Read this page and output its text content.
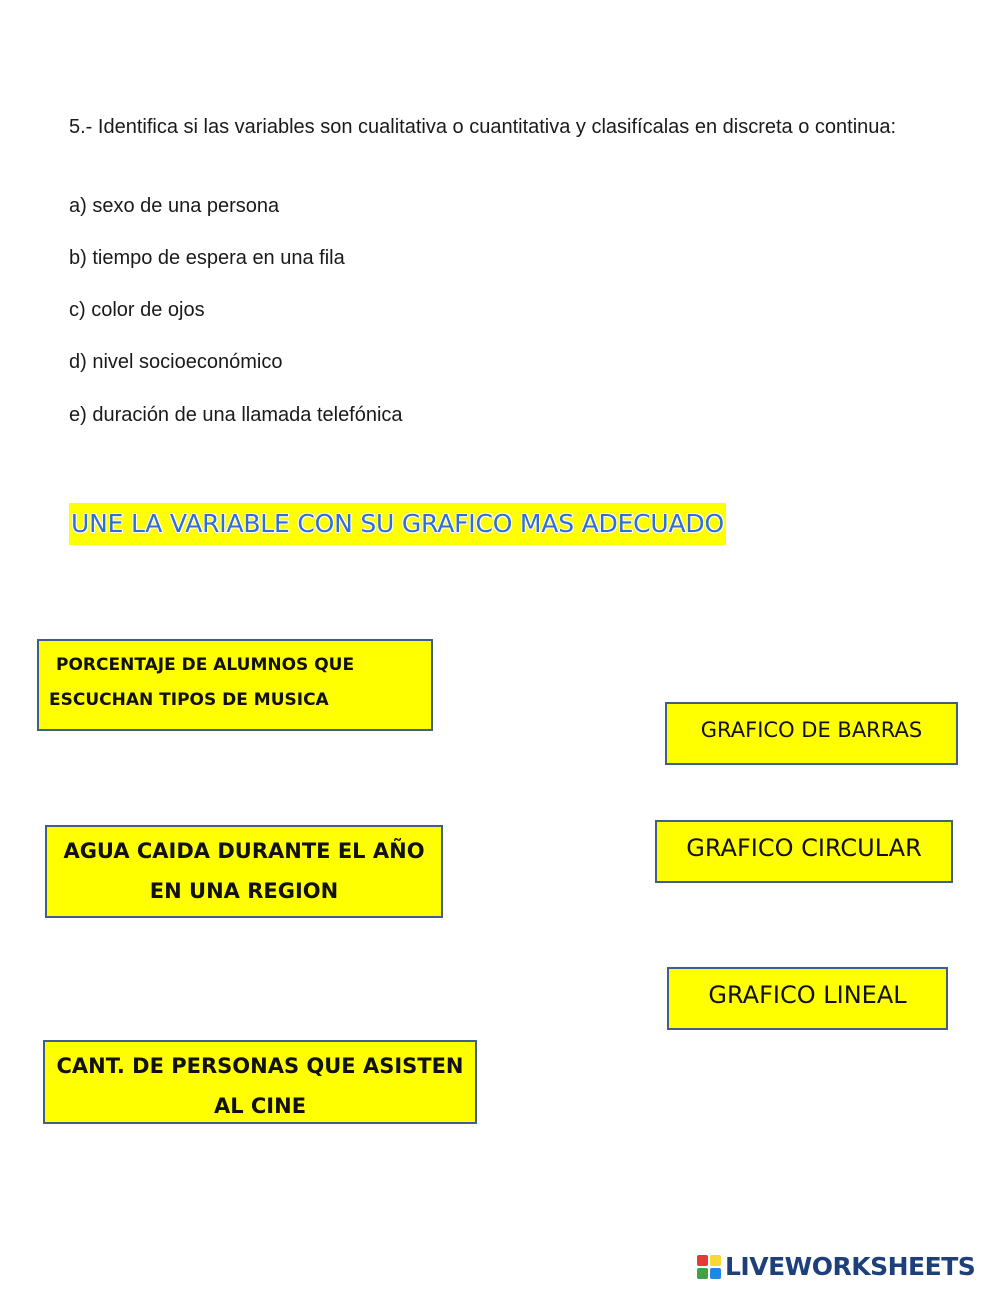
5.- Identifica si las variables son cualitativa o cuantitativa y clasifícalas en discreta o continua:
a) sexo de una persona
b) tiempo de espera en una fila
c) color de ojos
d) nivel socioeconómico
e) duración de una llamada telefónica
UNE LA VARIABLE CON SU GRAFICO MAS ADECUADO
PORCENTAJE DE ALUMNOS QUE
ESCUCHAN TIPOS DE MUSICA
AGUA CAIDA DURANTE EL AÑO EN UNA REGION
CANT. DE PERSONAS QUE ASISTEN AL CINE
GRAFICO DE BARRAS
GRAFICO CIRCULAR
GRAFICO LINEAL
LIVEWORKSHEETS
